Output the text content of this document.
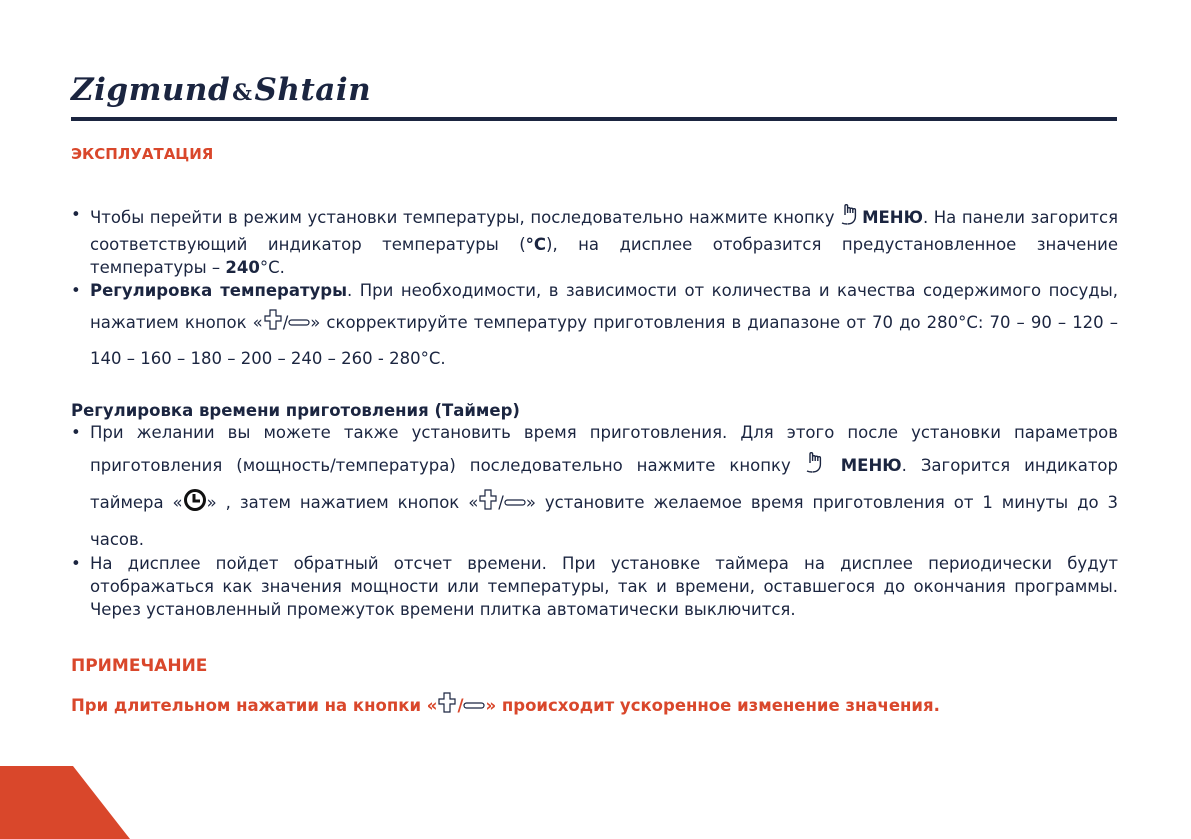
Zigmund&Shtain
ЭКСПЛУАТАЦИЯ
• Чтобы перейти в режим установки температуры, последовательно нажмите кнопку МЕНЮ. На панели загорится соответствующий индикатор температуры (°С), на дисплее отобразится предустановленное значение температуры – 240°С.
• Регулировка температуры. При необходимости, в зависимости от количества и качества содержимого посуды, нажатием кнопок « / » скорректируйте температуру приготовления в диапазоне от 70 до 280°С: 70 – 90 – 120 – 140 – 160 – 180 – 200 – 240 – 260 - 280°С.
Регулировка времени приготовления (Таймер)
• При желании вы можете также установить время приготовления. Для этого после установки параметров приготовления (мощность/температура) последовательно нажмите кнопку	МЕНЮ. Загорится индикатор таймера « » , затем нажатием кнопок « / » установите желаемое время приготовления от 1 минуты до 3 часов.
• На дисплее пойдет обратный отсчет времени. При установке таймера на дисплее периодически будут отображаться как значения мощности или температуры, так и времени, оставшегося до окончания программы. Через установленный промежуток времени плитка автоматически выключится.
ПРИМЕЧАНИЕ
При длительном нажатии на кнопки « / » происходит ускоренное изменение значения.
